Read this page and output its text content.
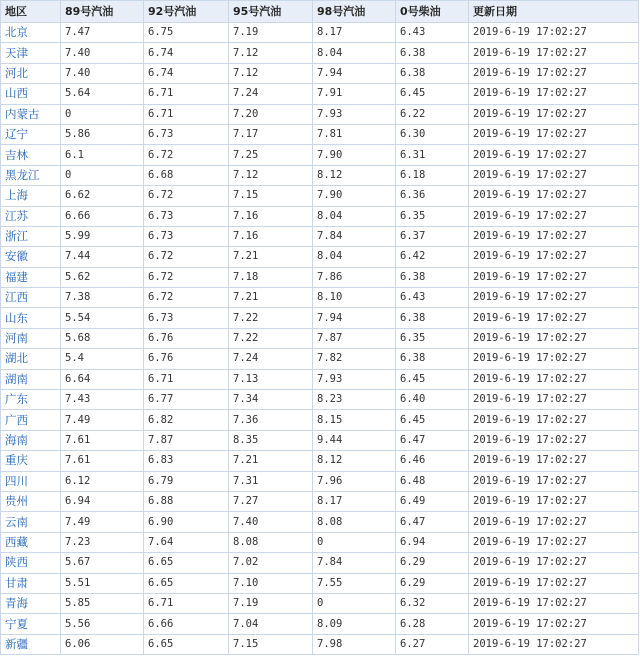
地区	89号汽油	92号汽油	95号汽油	98号汽油	0号柴油	更新日期
北京	7.47	6.75	7.19	8.17	6.43	2019-6-19 17:02:27
天津	7.40	6.74	7.12	8.04	6.38	2019-6-19 17:02:27
河北	7.40	6.74	7.12	7.94	6.38	2019-6-19 17:02:27
山西	5.64	6.71	7.24	7.91	6.45	2019-6-19 17:02:27
内蒙古	0	6.71	7.20	7.93	6.22	2019-6-19 17:02:27
辽宁	5.86	6.73	7.17	7.81	6.30	2019-6-19 17:02:27
吉林	6.1	6.72	7.25	7.90	6.31	2019-6-19 17:02:27
黑龙江	0	6.68	7.12	8.12	6.18	2019-6-19 17:02:27
上海	6.62	6.72	7.15	7.90	6.36	2019-6-19 17:02:27
江苏	6.66	6.73	7.16	8.04	6.35	2019-6-19 17:02:27
浙江	5.99	6.73	7.16	7.84	6.37	2019-6-19 17:02:27
安徽	7.44	6.72	7.21	8.04	6.42	2019-6-19 17:02:27
福建	5.62	6.72	7.18	7.86	6.38	2019-6-19 17:02:27
江西	7.38	6.72	7.21	8.10	6.43	2019-6-19 17:02:27
山东	5.54	6.73	7.22	7.94	6.38	2019-6-19 17:02:27
河南	5.68	6.76	7.22	7.87	6.35	2019-6-19 17:02:27
湖北	5.4	6.76	7.24	7.82	6.38	2019-6-19 17:02:27
湖南	6.64	6.71	7.13	7.93	6.45	2019-6-19 17:02:27
广东	7.43	6.77	7.34	8.23	6.40	2019-6-19 17:02:27
广西	7.49	6.82	7.36	8.15	6.45	2019-6-19 17:02:27
海南	7.61	7.87	8.35	9.44	6.47	2019-6-19 17:02:27
重庆	7.61	6.83	7.21	8.12	6.46	2019-6-19 17:02:27
四川	6.12	6.79	7.31	7.96	6.48	2019-6-19 17:02:27
贵州	6.94	6.88	7.27	8.17	6.49	2019-6-19 17:02:27
云南	7.49	6.90	7.40	8.08	6.47	2019-6-19 17:02:27
西藏	7.23	7.64	8.08	0	6.94	2019-6-19 17:02:27
陕西	5.67	6.65	7.02	7.84	6.29	2019-6-19 17:02:27
甘肃	5.51	6.65	7.10	7.55	6.29	2019-6-19 17:02:27
青海	5.85	6.71	7.19	0	6.32	2019-6-19 17:02:27
宁夏	5.56	6.66	7.04	8.09	6.28	2019-6-19 17:02:27
新疆	6.06	6.65	7.15	7.98	6.27	2019-6-19 17:02:27
